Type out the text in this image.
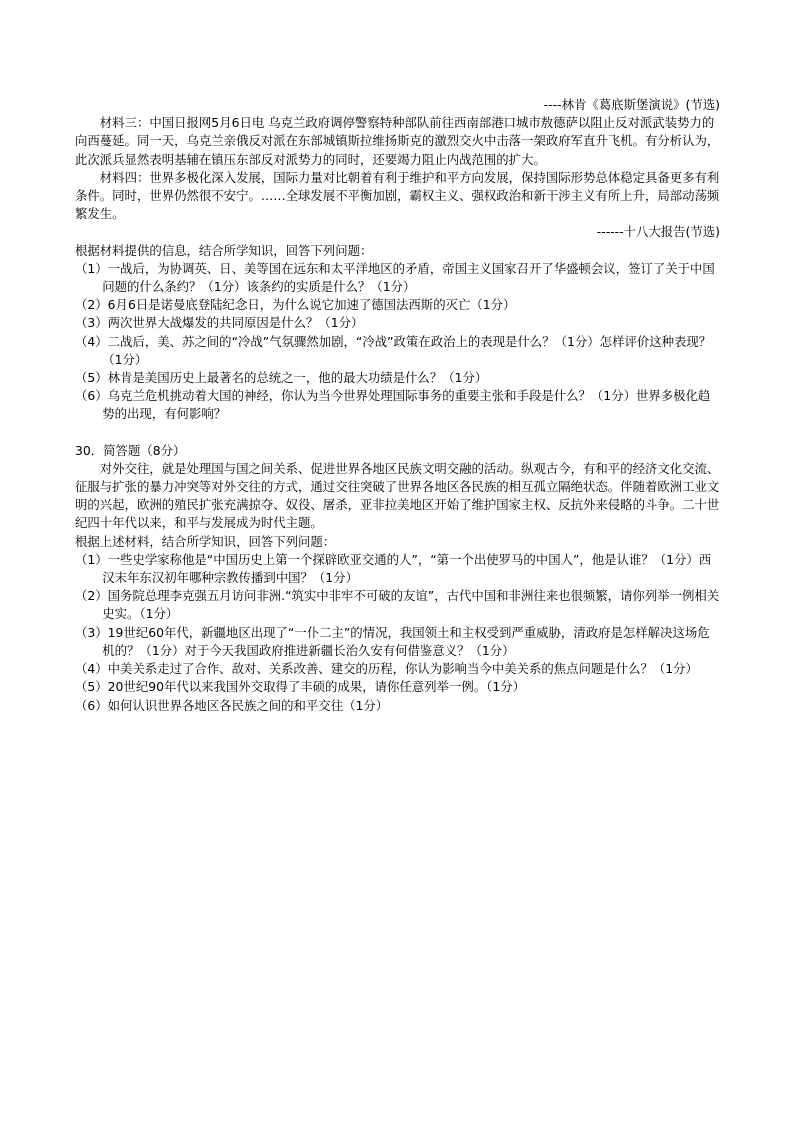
----林肯《葛底斯堡演说》(节选)

材料三：中国日报网5月6日电 乌克兰政府调停警察特种部队前往西南部港口城市敖德萨以阻止反对派武装势力的向西蔓延。同一天，乌克兰亲俄反对派在东部城镇斯拉维扬斯克的激烈交火中击落一架政府军直升飞机。有分析认为，此次派兵显然表明基辅在镇压东部反对派势力的同时，还要竭力阻止内战范围的扩大。

材料四：世界多极化深入发展，国际力量对比朝着有利于维护和平方向发展，保持国际形势总体稳定具备更多有利条件。同时，世界仍然很不安宁。……全球发展不平衡加剧，霸权主义、强权政治和新干涉主义有所上升，局部动荡频繁发生。

------十八大报告(节选)

根据材料提供的信息，结合所学知识，回答下列问题：

（1）一战后，为协调英、日、美等国在远东和太平洋地区的矛盾，帝国主义国家召开了华盛顿会议，签订了关于中国问题的什么条约？（1分）该条约的实质是什么？（1分）

（2）6月6日是诺曼底登陆纪念日，为什么说它加速了德国法西斯的灭亡（1分）

（3）两次世界大战爆发的共同原因是什么？（1分）

（4）二战后，美、苏之间的“冷战”气氛骤然加剧，“冷战”政策在政治上的表现是什么？（1分）怎样评价这种表现？（1分）

（5）林肯是美国历史上最著名的总统之一，他的最大功绩是什么？（1分）

（6）乌克兰危机挑动着大国的神经，你认为当今世界处理国际事务的重要主张和手段是什么？（1分）世界多极化趋势的出现，有何影响？

30．简答题（8分）

对外交往，就是处理国与国之间关系、促进世界各地区民族文明交融的活动。纵观古今，有和平的经济文化交流、征服与扩张的暴力冲突等对外交往的方式，通过交往突破了世界各地区各民族的相互孤立隔绝状态。伴随着欧洲工业文明的兴起，欧洲的殖民扩张充满掠夺、奴役、屠杀，亚非拉美地区开始了维护国家主权、反抗外来侵略的斗争。二十世纪四十年代以来，和平与发展成为时代主题。

根据上述材料，结合所学知识，回答下列问题：

（1）一些史学家称他是“中国历史上第一个探辟欧亚交通的人”，“第一个出使罗马的中国人”，他是认谁？（1分）西汉末年东汉初年哪种宗教传播到中国？（1分）

（2）国务院总理李克强五月访问非洲.“筑实中非牢不可破的友谊”，古代中国和非洲往来也很频繁，请你列举一例相关史实。（1分）

（3）19世纪60年代，新疆地区出现了“一仆二主”的情况，我国领土和主权受到严重威胁，清政府是怎样解决这场危机的？（1分）对于今天我国政府推进新疆长治久安有何借鉴意义？（1分）

（4）中美关系走过了合作、敌对、关系改善、建交的历程，你认为影响当今中美关系的焦点问题是什么？（1分）

（5）20世纪90年代以来我国外交取得了丰硕的成果，请你任意列举一例。（1分）

（6）如何认识世界各地区各民族之间的和平交往（1分）
